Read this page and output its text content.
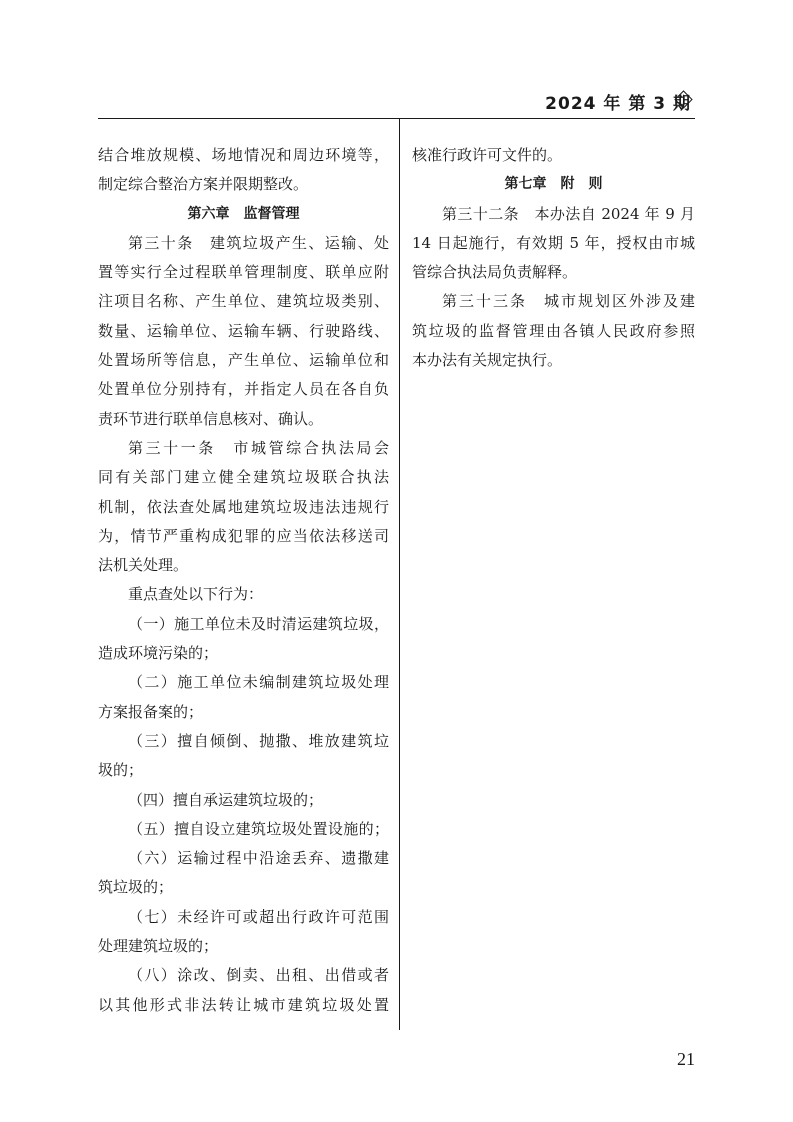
2024 年 第 3 期
结合堆放规模、场地情况和周边环境等，
制定综合整治方案并限期整改。
第六章　监督管理
第三十条　建筑垃圾产生、运输、处
置等实行全过程联单管理制度、联单应附
注项目名称、产生单位、建筑垃圾类别、
数量、运输单位、运输车辆、行驶路线、
处置场所等信息，产生单位、运输单位和
处置单位分别持有，并指定人员在各自负
责环节进行联单信息核对、确认。
第三十一条　市城管综合执法局会
同有关部门建立健全建筑垃圾联合执法
机制，依法查处属地建筑垃圾违法违规行
为，情节严重构成犯罪的应当依法移送司
法机关处理。
重点查处以下行为：
（一）施工单位未及时清运建筑垃圾，
造成环境污染的；
（二）施工单位未编制建筑垃圾处理
方案报备案的；
（三）擅自倾倒、抛撒、堆放建筑垃
圾的；
（四）擅自承运建筑垃圾的；
（五）擅自设立建筑垃圾处置设施的；
（六）运输过程中沿途丢弃、遗撒建
筑垃圾的；
（七）未经许可或超出行政许可范围
处理建筑垃圾的；
（八）涂改、倒卖、出租、出借或者
以其他形式非法转让城市建筑垃圾处置
核准行政许可文件的。
第七章　附　则
第三十二条　本办法自 2024 年 9 月
14 日起施行，有效期 5 年，授权由市城
管综合执法局负责解释。
第三十三条　城市规划区外涉及建
筑垃圾的监督管理由各镇人民政府参照
本办法有关规定执行。
21
